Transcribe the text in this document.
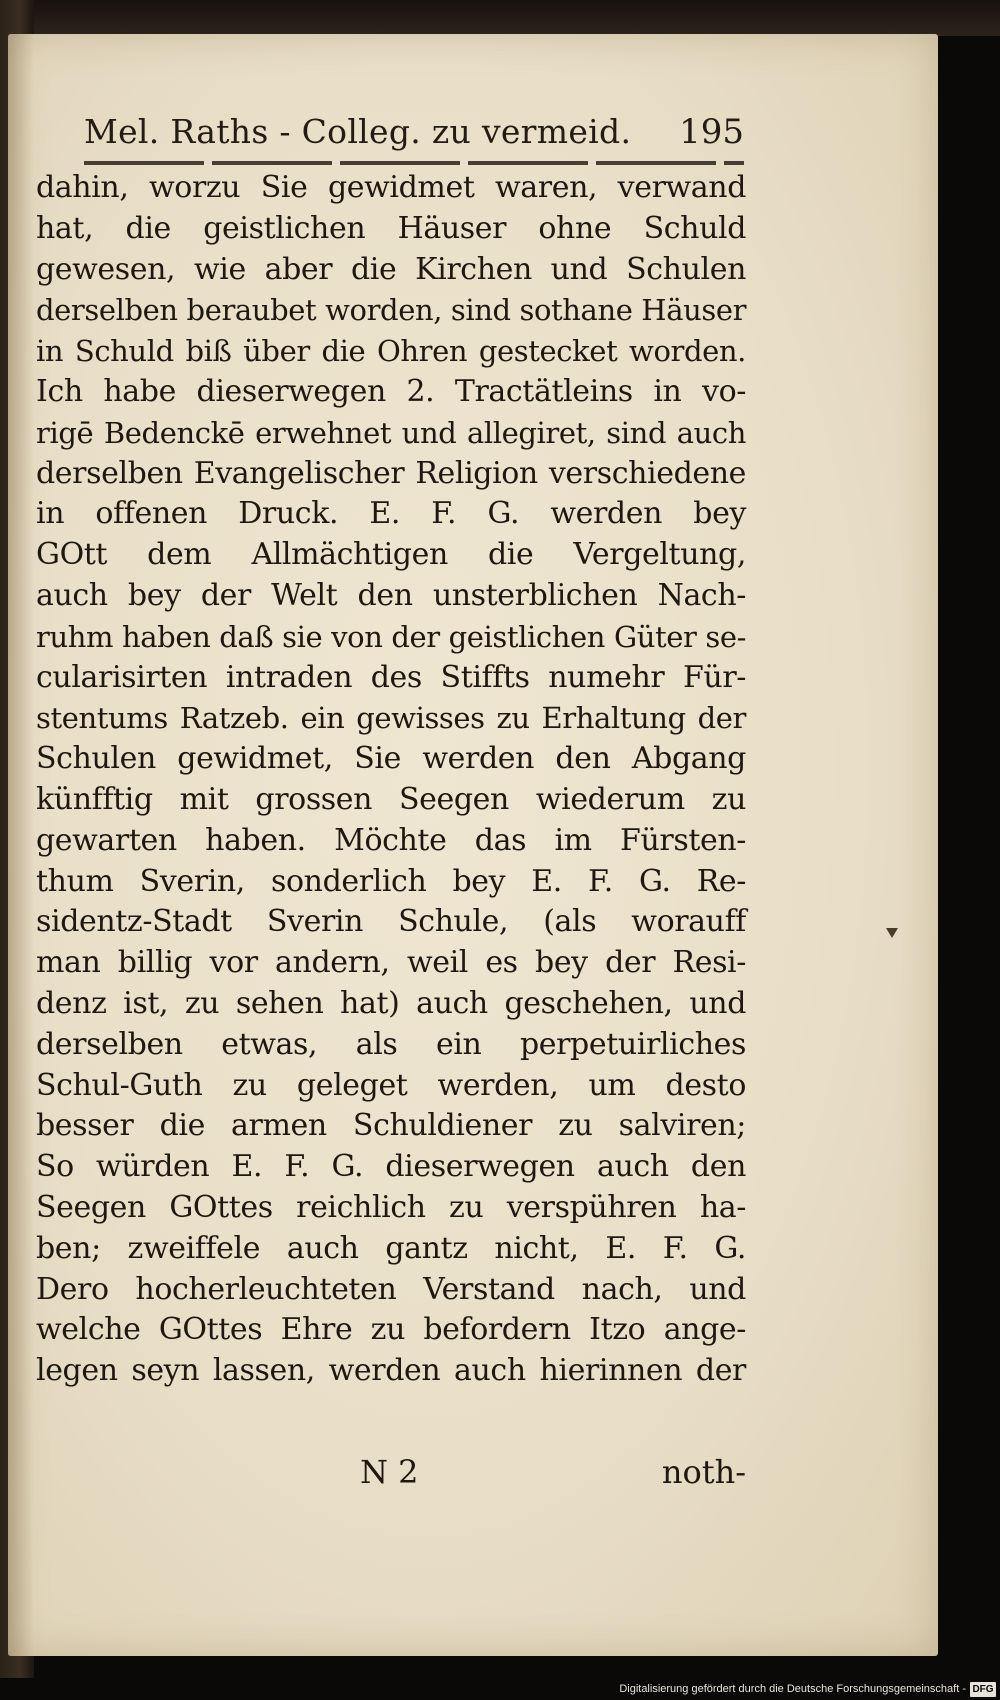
Mel. Raths - Colleg. zu vermeid. 195
dahin, worzu Sie gewidmet waren, verwand
hat, die geistlichen Häuser ohne Schuld
gewesen, wie aber die Kirchen und Schulen
derselben beraubet worden, sind sothane Häuser
in Schuld biß über die Ohren gestecket worden.
Ich habe dieserwegen 2. Tractätleins in vo-
rigē Bedenckē erwehnet und allegiret, sind auch
derselben Evangelischer Religion verschiedene
in offenen Druck. E. F. G. werden bey
GOtt dem Allmächtigen die Vergeltung,
auch bey der Welt den unsterblichen Nach-
ruhm haben daß sie von der geistlichen Güter se-
cularisirten intraden des Stiffts numehr Für-
stentums Ratzeb. ein gewisses zu Erhaltung der
Schulen gewidmet, Sie werden den Abgang
künfftig mit grossen Seegen wiederum zu
gewarten haben. Möchte das im Fürsten-
thum Sverin, sonderlich bey E. F. G. Re-
sidentz-Stadt Sverin Schule, (als worauff
man billig vor andern, weil es bey der Resi-
denz ist, zu sehen hat) auch geschehen, und
derselben etwas, als ein perpetuirliches
Schul-Guth zu geleget werden, um desto
besser die armen Schuldiener zu salviren;
So würden E. F. G. dieserwegen auch den
Seegen GOttes reichlich zu verspühren ha-
ben; zweiffele auch gantz nicht, E. F. G.
Dero hocherleuchteten Verstand nach, und
welche GOttes Ehre zu befordern Itzo ange-
legen seyn lassen, werden auch hierinnen der
N 2	noth-
Digitalisierung gefördert durch die Deutsche Forschungsgemeinschaft - DFG
